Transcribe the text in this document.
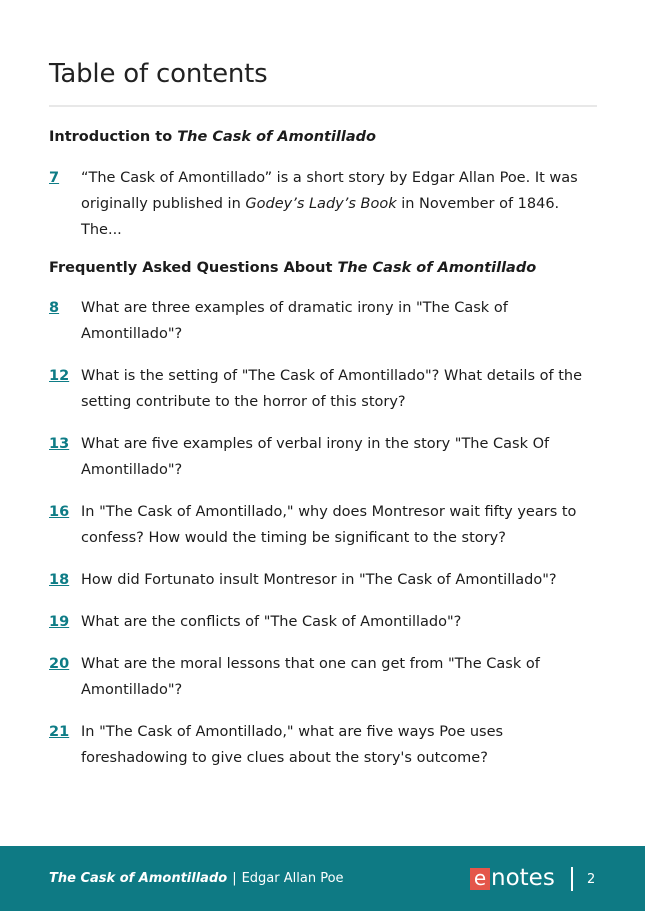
Table of contents
Introduction to The Cask of Amontillado
7 “The Cask of Amontillado” is a short story by Edgar Allan Poe. It was originally published in Godey’s Lady’s Book in November of 1846. The...
Frequently Asked Questions About The Cask of Amontillado
8 What are three examples of dramatic irony in "The Cask of Amontillado"?
12 What is the setting of "The Cask of Amontillado"? What details of the setting contribute to the horror of this story?
13 What are five examples of verbal irony in the story "The Cask Of Amontillado"?
16 In "The Cask of Amontillado," why does Montresor wait fifty years to confess? How would the timing be significant to the story?
18 How did Fortunato insult Montresor in "The Cask of Amontillado"?
19 What are the conflicts of "The Cask of Amontillado"?
20 What are the moral lessons that one can get from "The Cask of Amontillado"?
21 In "The Cask of Amontillado," what are five ways Poe uses foreshadowing to give clues about the story's outcome?
The Cask of Amontillado | Edgar Allan Poe	e notes 2
